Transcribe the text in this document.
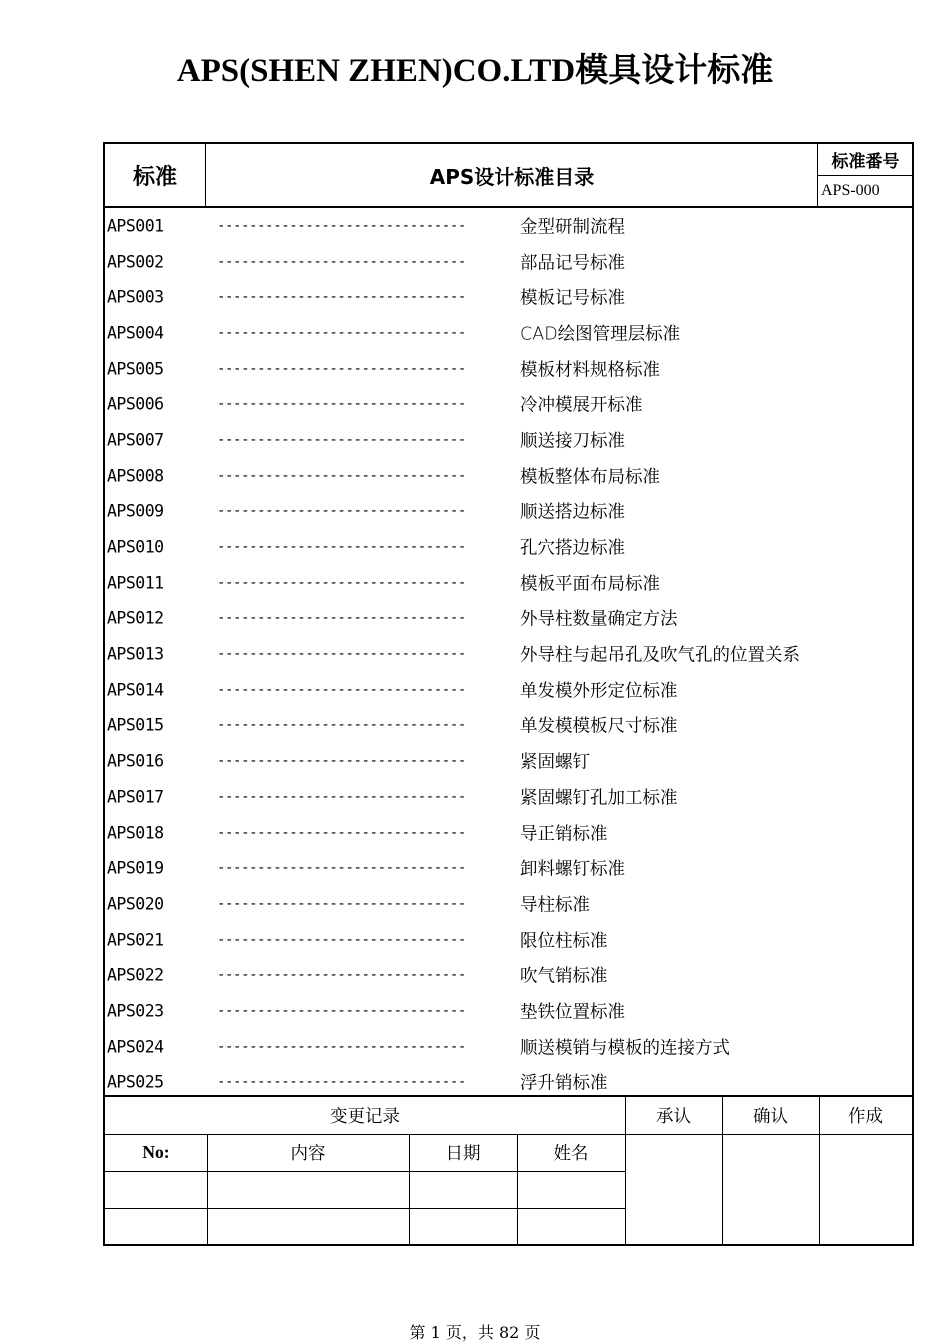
APS(SHEN ZHEN)CO.LTD模具设计标准
标准	APS设计标准目录
标准番号
APS-000
APS001	-------------------------------	金型研制流程
APS002	-------------------------------	部品记号标准
APS003	-------------------------------	模板记号标准
APS004	-------------------------------	CAD绘图管理层标准
APS005	-------------------------------	模板材料规格标准
APS006	-------------------------------	冷冲模展开标准
APS007	-------------------------------	顺送接刀标准
APS008	-------------------------------	模板整体布局标准
APS009	-------------------------------	顺送搭边标准
APS010	-------------------------------	孔穴搭边标准
APS011	-------------------------------	模板平面布局标准
APS012	-------------------------------	外导柱数量确定方法
APS013	-------------------------------	外导柱与起吊孔及吹气孔的位置关系
APS014	-------------------------------	单发模外形定位标准
APS015	-------------------------------	单发模模板尺寸标准
APS016	-------------------------------	紧固螺钉
APS017	-------------------------------	紧固螺钉孔加工标准
APS018	-------------------------------	导正销标准
APS019	-------------------------------	卸料螺钉标准
APS020	-------------------------------	导柱标准
APS021	-------------------------------	限位柱标准
APS022	-------------------------------	吹气销标准
APS023	-------------------------------	垫铁位置标准
APS024	-------------------------------	顺送模销与模板的连接方式
APS025	-------------------------------	浮升销标准
变更记录	承认	确认	作成
No:	内容	日期	姓名
第 1 页，共 82 页
